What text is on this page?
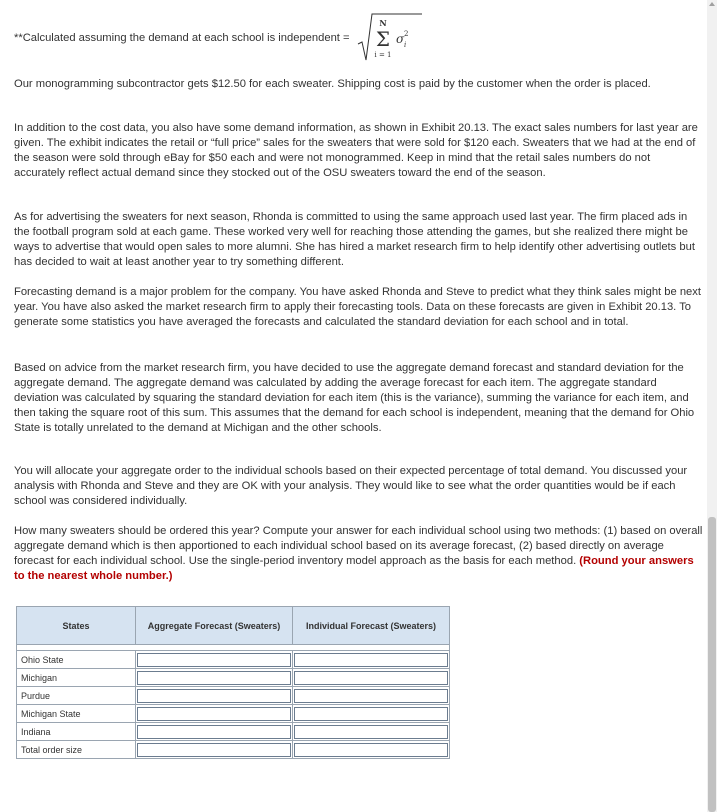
**Calculated assuming the demand at each school is independent =
N
Σ
i = 1
σ 2
i

Our monogramming subcontractor gets $12.50 for each sweater. Shipping cost is paid by the customer when the order is placed.

In addition to the cost data, you also have some demand information, as shown in Exhibit 20.13. The exact sales numbers for last year are given. The exhibit indicates the retail or “full price” sales for the sweaters that were sold for $120 each. Sweaters that we had at the end of the season were sold through eBay for $50 each and were not monogrammed. Keep in mind that the retail sales numbers do not accurately reflect actual demand since they stocked out of the OSU sweaters toward the end of the season.

As for advertising the sweaters for next season, Rhonda is committed to using the same approach used last year. The firm placed ads in the football program sold at each game. These worked very well for reaching those attending the games, but she realized there might be ways to advertise that would open sales to more alumni. She has hired a market research firm to help identify other advertising outlets but has decided to wait at least another year to try something different.

Forecasting demand is a major problem for the company. You have asked Rhonda and Steve to predict what they think sales might be next year. You have also asked the market research firm to apply their forecasting tools. Data on these forecasts are given in Exhibit 20.13. To generate some statistics you have averaged the forecasts and calculated the standard deviation for each school and in total.

Based on advice from the market research firm, you have decided to use the aggregate demand forecast and standard deviation for the aggregate demand. The aggregate demand was calculated by adding the average forecast for each item. The aggregate standard deviation was calculated by squaring the standard deviation for each item (this is the variance), summing the variance for each item, and then taking the square root of this sum. This assumes that the demand for each school is independent, meaning that the demand for Ohio State is totally unrelated to the demand at Michigan and the other schools.

You will allocate your aggregate order to the individual schools based on their expected percentage of total demand. You discussed your analysis with Rhonda and Steve and they are OK with your analysis. They would like to see what the order quantities would be if each school was considered individually.

How many sweaters should be ordered this year? Compute your answer for each individual school using two methods: (1) based on overall aggregate demand which is then apportioned to each individual school based on its average forecast, (2) based directly on average forecast for each individual school. Use the single-period inventory model approach as the basis for each method. (Round your answers to the nearest whole number.)

States	Aggregate Forecast (Sweaters)	Individual Forecast (Sweaters)

Ohio State	

Michigan	

Purdue	

Michigan State	

Indiana	

Total order size	
